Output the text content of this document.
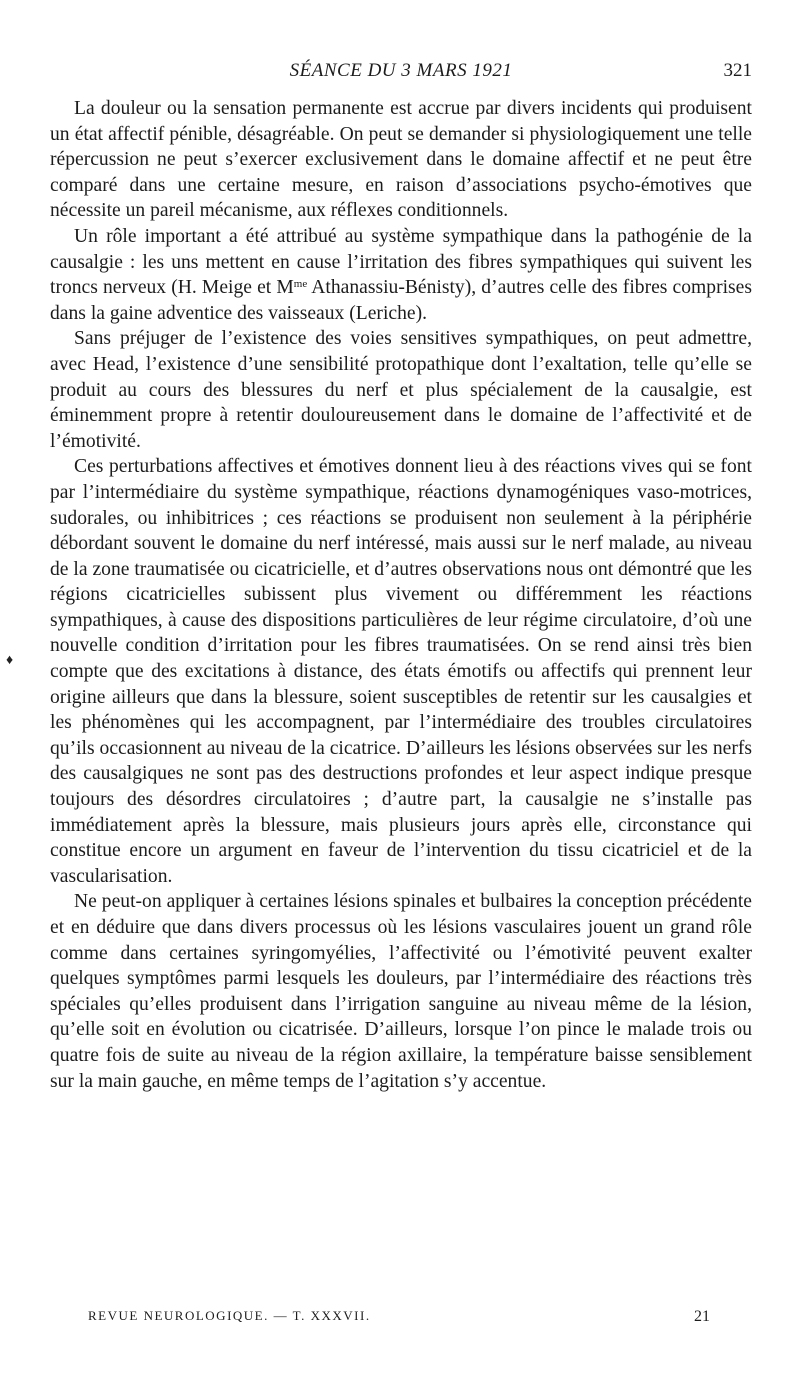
SÉANCE DU 3 MARS 1921	321
♦

La douleur ou la sensation permanente est accrue par divers incidents qui produisent un état affectif pénible, désagréable. On peut se demander si physiologiquement une telle répercussion ne peut s’exercer exclusivement dans le domaine affectif et ne peut être comparé dans une certaine mesure, en raison d’associations psycho-émotives que nécessite un pareil mécanisme, aux réflexes conditionnels.

Un rôle important a été attribué au système sympathique dans la pathogénie de la causalgie : les uns mettent en cause l’irritation des fibres sympathiques qui suivent les troncs nerveux (H. Meige et $M^{me}$ Athanassiu-Bénisty), d’autres celle des fibres comprises dans la gaine adventice des vaisseaux (Leriche).

Sans préjuger de l’existence des voies sensitives sympathiques, on peut admettre, avec Head, l’existence d’une sensibilité protopathique dont l’exaltation, telle qu’elle se produit au cours des blessures du nerf et plus spécialement de la causalgie, est éminemment propre à retentir douloureusement dans le domaine de l’affectivité et de l’émotivité.

Ces perturbations affectives et émotives donnent lieu à des réactions vives qui se font par l’intermédiaire du système sympathique, réactions dynamogéniques vaso-motrices, sudorales, ou inhibitrices ; ces réactions se produisent non seulement à la périphérie débordant souvent le domaine du nerf intéressé, mais aussi sur le nerf malade, au niveau de la zone traumatisée ou cicatricielle, et d’autres observations nous ont démontré que les régions cicatricielles subissent plus vivement ou différemment les réactions sympathiques, à cause des dispositions particulières de leur régime circulatoire, d’où une nouvelle condition d’irritation pour les fibres traumatisées. On se rend ainsi très bien compte que des excitations à distance, des états émotifs ou affectifs qui prennent leur origine ailleurs que dans la blessure, soient susceptibles de retentir sur les causalgies et les phénomènes qui les accompagnent, par l’intermédiaire des troubles circulatoires qu’ils occasionnent au niveau de la cicatrice. D’ailleurs les lésions observées sur les nerfs des causalgiques ne sont pas des destructions profondes et leur aspect indique presque toujours des désordres circulatoires ; d’autre part, la causalgie ne s’installe pas immédiatement après la blessure, mais plusieurs jours après elle, circonstance qui constitue encore un argument en faveur de l’intervention du tissu cicatriciel et de la vascularisation.

Ne peut-on appliquer à certaines lésions spinales et bulbaires la conception précédente et en déduire que dans divers processus où les lésions vasculaires jouent un grand rôle comme dans certaines syringomyélies, l’affectivité ou l’émotivité peuvent exalter quelques symptômes parmi lesquels les douleurs, par l’intermédiaire des réactions très spéciales qu’elles produisent dans l’irrigation sanguine au niveau même de la lésion, qu’elle soit en évolution ou cicatrisée. D’ailleurs, lorsque l’on pince le malade trois ou quatre fois de suite au niveau de la région axillaire, la température baisse sensiblement sur la main gauche, en même temps de l’agitation s’y accentue.

REVUE NEUROLOGIQUE. — T. XXXVII.	21
